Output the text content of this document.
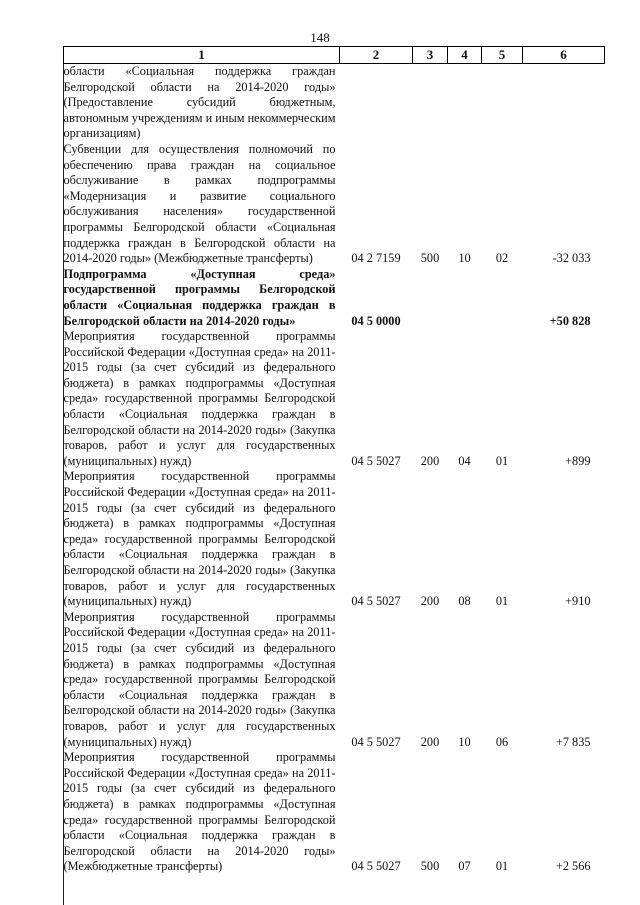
148
1	2	3	4	5	6
области «Социальная поддержка граждан Белгородской области на 2014-2020 годы» (Предоставление субсидий бюджетным, автономным учреждениям и иным некоммерческим организациям)					
Субвенции для осуществления полномочий по обеспечению права граждан на социальное обслуживание в рамках подпрограммы «Модернизация и развитие социального обслуживания населения» государственной программы Белгородской области «Социальная поддержка граждан в Белгородской области на 2014-2020 годы» (Межбюджетные трансферты)	04 2 7159	500	10	02	-32 033
Подпрограмма «Доступная среда» государственной программы Белгородской области «Социальная поддержка граждан в Белгородской области на 2014-2020 годы»	04 5 0000				+50 828
Мероприятия государственной программы Российской Федерации «Доступная среда» на 2011-2015 годы (за счет субсидий из федерального бюджета) в рамках подпрограммы «Доступная среда» государственной программы Белгородской области «Социальная поддержка граждан в Белгородской области на 2014-2020 годы» (Закупка товаров, работ и услуг для государственных (муниципальных) нужд)	04 5 5027	200	04	01	+899
Мероприятия государственной программы Российской Федерации «Доступная среда» на 2011-2015 годы (за счет субсидий из федерального бюджета) в рамках подпрограммы «Доступная среда» государственной программы Белгородской области «Социальная поддержка граждан в Белгородской области на 2014-2020 годы» (Закупка товаров, работ и услуг для государственных (муниципальных) нужд)	04 5 5027	200	08	01	+910
Мероприятия государственной программы Российской Федерации «Доступная среда» на 2011-2015 годы (за счет субсидий из федерального бюджета) в рамках подпрограммы «Доступная среда» государственной программы Белгородской области «Социальная поддержка граждан в Белгородской области на 2014-2020 годы» (Закупка товаров, работ и услуг для государственных (муниципальных) нужд)	04 5 5027	200	10	06	+7 835
Мероприятия государственной программы Российской Федерации «Доступная среда» на 2011-2015 годы (за счет субсидий из федерального бюджета) в рамках подпрограммы «Доступная среда» государственной программы Белгородской области «Социальная поддержка граждан в Белгородской области на 2014-2020 годы» (Межбюджетные трансферты)	04 5 5027	500	07	01	+2 566
